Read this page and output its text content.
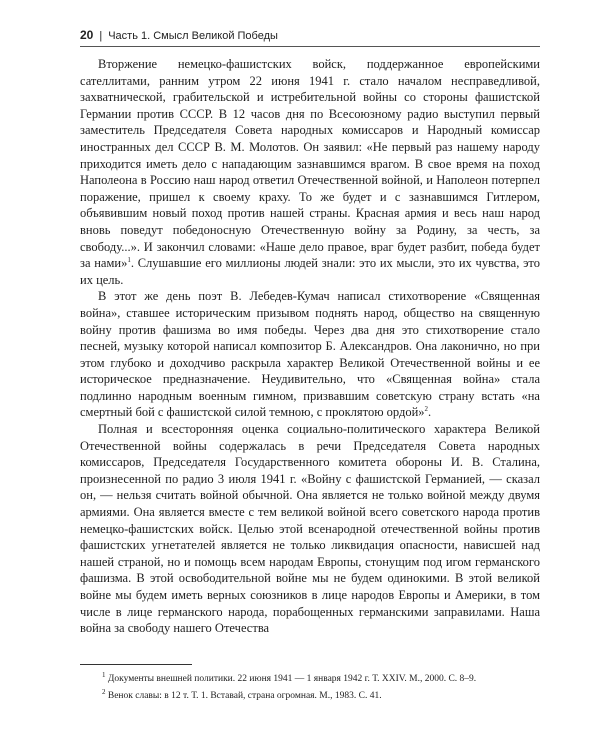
20 | Часть 1. Смысл Великой Победы

Вторжение немецко-фашистских войск, поддержанное европейскими сателлитами, ранним утром 22 июня 1941 г. стало началом несправедливой, захватнической, грабительской и истребительной войны со стороны фашистской Германии против СССР. В 12 часов дня по Всесоюзному радио выступил первый заместитель Председателя Совета народных комиссаров и Народный комиссар иностранных дел СССР В. М. Молотов. Он заявил: «Не первый раз нашему народу приходится иметь дело с нападающим зазнавшимся врагом. В свое время на поход Наполеона в Россию наш народ ответил Отечественной войной, и Наполеон потерпел поражение, пришел к своему краху. То же будет и с зазнавшимся Гитлером, объявившим новый поход против нашей страны. Красная армия и весь наш народ вновь поведут победоносную Отечественную войну за Родину, за честь, за свободу...». И закончил словами: «Наше дело правое, враг будет разбит, победа будет за нами»$^1$. Слушавшие его миллионы людей знали: это их мысли, это их чувства, это их цель.

В этот же день поэт В. Лебедев-Кумач написал стихотворение «Священная война», ставшее историческим призывом поднять народ, общество на священную войну против фашизма во имя победы. Через два дня это стихотворение стало песней, музыку которой написал композитор Б. Александров. Она лаконично, но при этом глубоко и доходчиво раскрыла характер Великой Отечественной войны и ее историческое предназначение. Неудивительно, что «Священная война» стала подлинно народным военным гимном, призвавшим советскую страну встать «на смертный бой с фашистской силой темною, с проклятою ордой»$^2$.

Полная и всесторонняя оценка социально-политического характера Великой Отечественной войны содержалась в речи Председателя Совета народных комиссаров, Председателя Государственного комитета обороны И. В. Сталина, произнесенной по радио 3 июля 1941 г. «Войну с фашистской Германией, — сказал он, — нельзя считать войной обычной. Она является не только войной между двумя армиями. Она является вместе с тем великой войной всего советского народа против немецко-фашистских войск. Целью этой всенародной отечественной войны против фашистских угнетателей является не только ликвидация опасности, нависшей над нашей страной, но и помощь всем народам Европы, стонущим под игом германского фашизма. В этой освободительной войне мы не будем одинокими. В этой великой войне мы будем иметь верных союзников в лице народов Европы и Америки, в том числе в лице германского народа, порабощенных германскими заправилами. Наша война за свободу нашего Отечества

$^1$ Документы внешней политики. 22 июня 1941 — 1 января 1942 г. Т. XXIV. М., 2000. С. 8–9.

$^2$ Венок славы: в 12 т. Т. 1. Вставай, страна огромная. М., 1983. С. 41.
